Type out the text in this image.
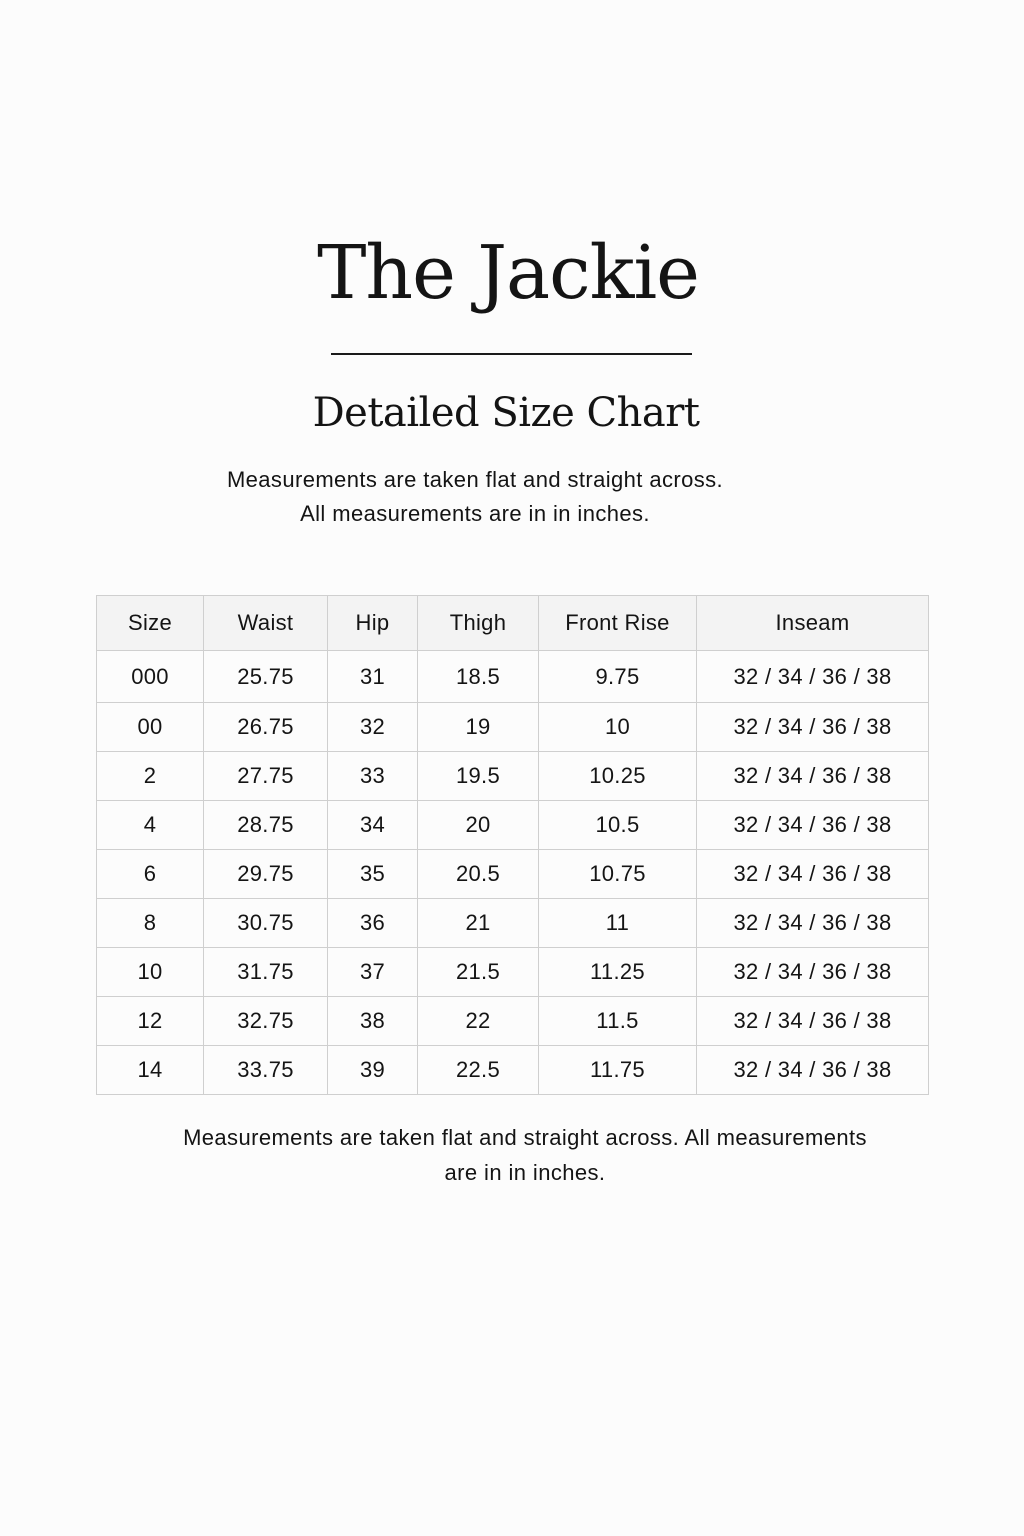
The Jackie
Detailed Size Chart

Measurements are taken flat and straight across.
All measurements are in in inches.

Size	Waist	Hip	Thigh	Front Rise	Inseam
000	25.75	31	18.5	9.75	32 / 34 / 36 / 38
00	26.75	32	19	10	32 / 34 / 36 / 38
2	27.75	33	19.5	10.25	32 / 34 / 36 / 38
4	28.75	34	20	10.5	32 / 34 / 36 / 38
6	29.75	35	20.5	10.75	32 / 34 / 36 / 38
8	30.75	36	21	11	32 / 34 / 36 / 38
10	31.75	37	21.5	11.25	32 / 34 / 36 / 38
12	32.75	38	22	11.5	32 / 34 / 36 / 38
14	33.75	39	22.5	11.75	32 / 34 / 36 / 38

Measurements are taken flat and straight across. All measurements
are in in inches.
